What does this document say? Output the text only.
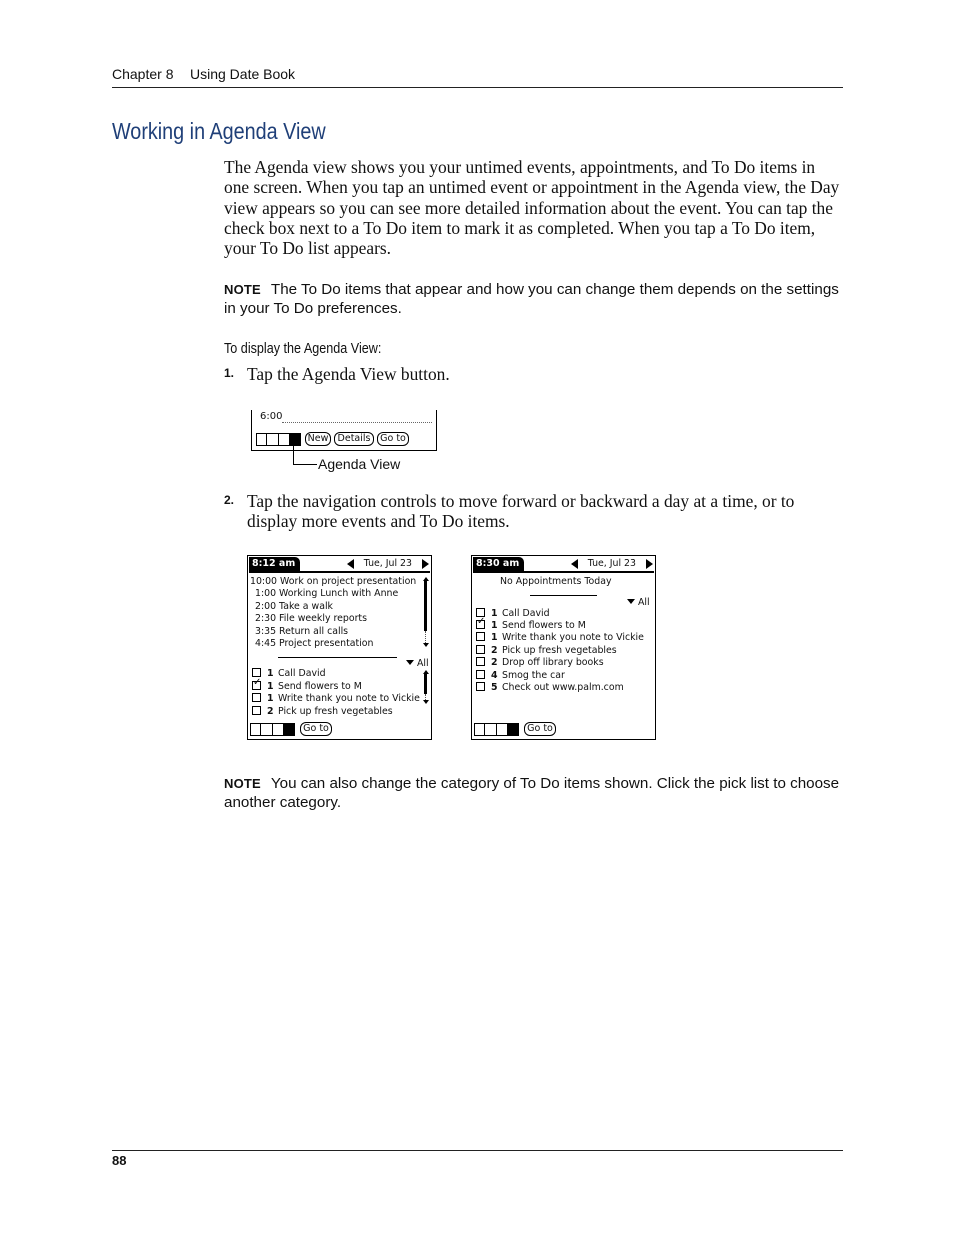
Chapter 8 Using Date Book
Working in Agenda View

The Agenda view shows you your untimed events, appointments, and To Do items in one screen. When you tap an untimed event or appointment in the Agenda view, the Day view appears so you can see more detailed information about the event. You can tap the check box next to a To Do item to mark it as completed. When you tap a To Do item, your To Do list appears.

NOTE The To Do items that appear and how you can change them depends on the settings in your To Do preferences.

To display the Agenda View:
1. Tap the Agenda View button.
6:00
New Details	Go to
Agenda View
2. Tap the navigation controls to move forward or backward a day at a time, or to display more events and To Do items.
8:12 am	Tue, Jul 23
10:00 Work on project presentation
1:00 Working Lunch with Anne
2:00 Take a walk
2:30 File weekly reports
3:35 Return all calls
4:45 Project presentation
All
1 Call David
✓ 1 Send flowers to M
1 Write thank you note to Vickie
2 Pick up fresh vegetables
Go to
8:30 am	Tue, Jul 23
No Appointments Today
All
1 Call David
✓ 1 Send flowers to M
1 Write thank you note to Vickie
2 Pick up fresh vegetables
2 Drop off library books
4 Smog the car
5 Check out www.palm.com
Go to

NOTE You can also change the category of To Do items shown. Click the pick list to choose another category.

88
